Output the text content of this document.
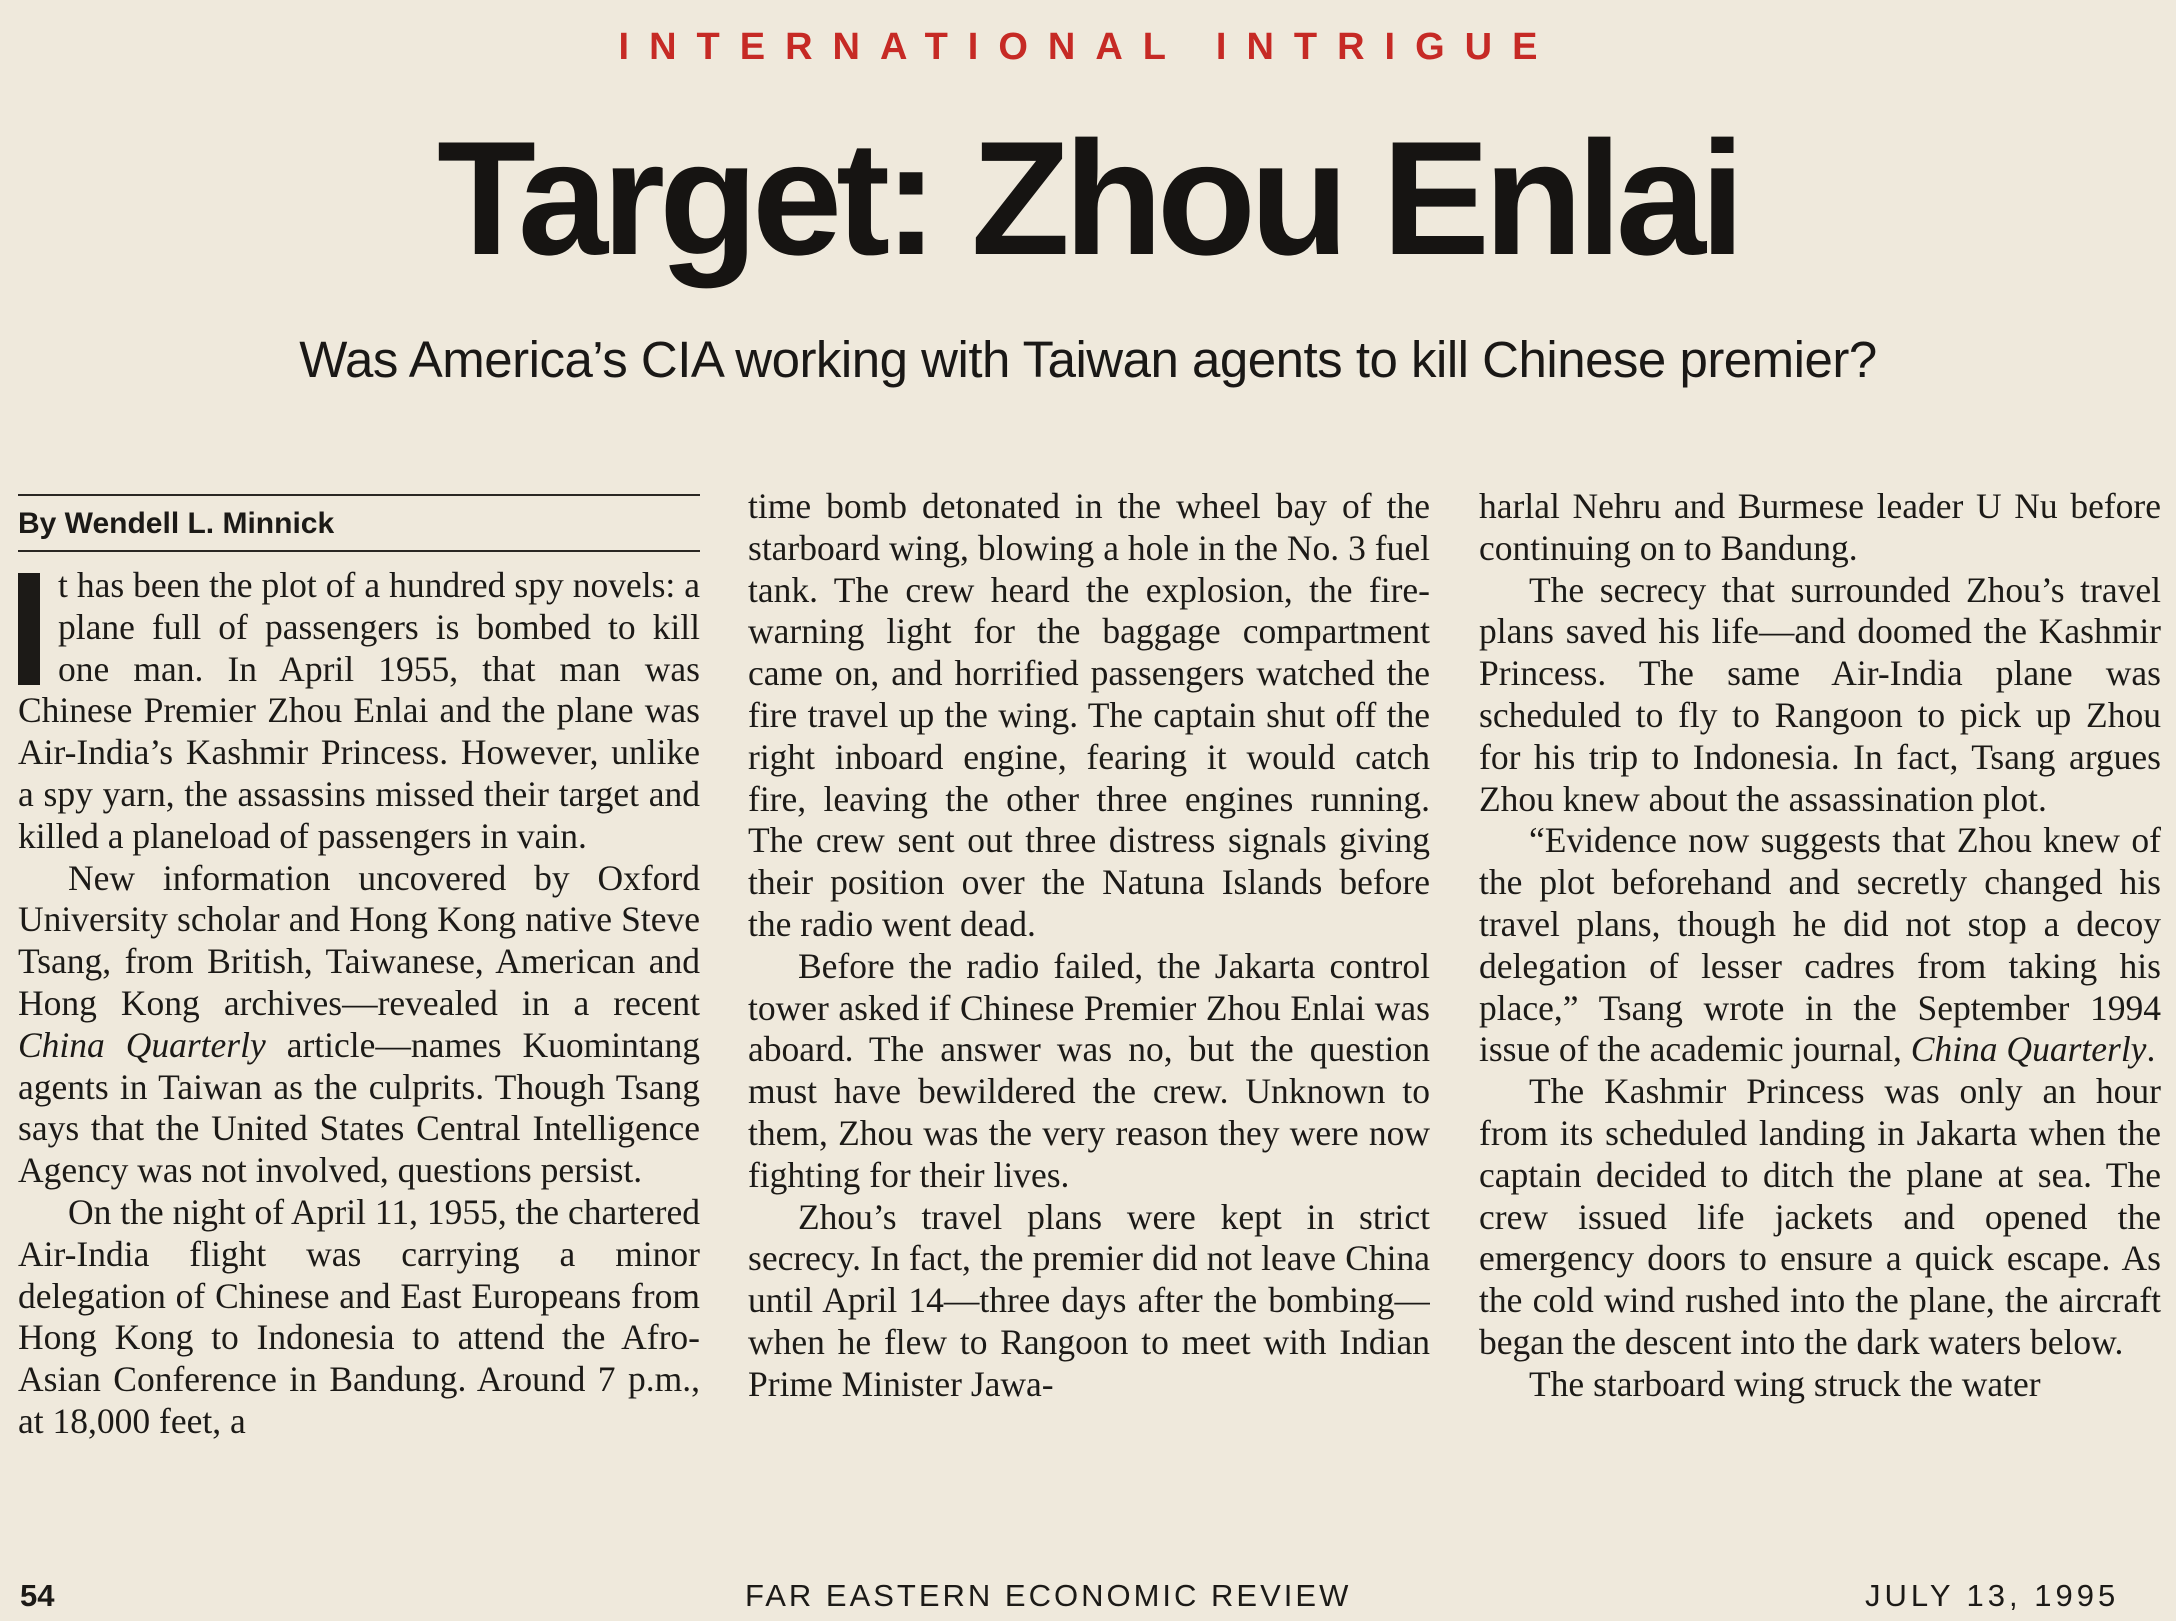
INTERNATIONAL INTRIGUE
Target: Zhou Enlai
Was America’s CIA working with Taiwan agents to kill Chinese premier?
By Wendell L. Minnick

t has been the plot of a hundred spy novels: a plane full of passengers is bombed to kill one man. In April 1955, that man was Chinese Premier Zhou Enlai and the plane was Air-India’s Kashmir Princess. However, unlike a spy yarn, the assassins missed their target and killed a planeload of passengers in vain.

New information uncovered by Oxford University scholar and Hong Kong native Steve Tsang, from British, Taiwanese, American and Hong Kong archives—revealed in a recent China Quarterly article—names Kuomintang agents in Taiwan as the culprits. Though Tsang says that the United States Central Intelligence Agency was not involved, questions persist.

On the night of April 11, 1955, the chartered Air-India flight was carrying a minor delegation of Chinese and East Europeans from Hong Kong to Indonesia to attend the Afro-Asian Conference in Bandung. Around 7 p.m., at 18,000 feet, a

time bomb detonated in the wheel bay of the starboard wing, blowing a hole in the No. 3 fuel tank. The crew heard the explosion, the fire-warning light for the baggage compartment came on, and horrified passengers watched the fire travel up the wing. The captain shut off the right inboard engine, fearing it would catch fire, leaving the other three engines running. The crew sent out three distress signals giving their position over the Natuna Islands before the radio went dead.

Before the radio failed, the Jakarta control tower asked if Chinese Premier Zhou Enlai was aboard. The answer was no, but the question must have bewildered the crew. Unknown to them, Zhou was the very reason they were now fighting for their lives.

Zhou’s travel plans were kept in strict secrecy. In fact, the premier did not leave China until April 14—three days after the bombing—when he flew to Rangoon to meet with Indian Prime Minister Jawa-

harlal Nehru and Burmese leader U Nu before continuing on to Bandung.

The secrecy that surrounded Zhou’s travel plans saved his life—and doomed the Kashmir Princess. The same Air-India plane was scheduled to fly to Rangoon to pick up Zhou for his trip to Indonesia. In fact, Tsang argues Zhou knew about the assassination plot.

“Evidence now suggests that Zhou knew of the plot beforehand and secretly changed his travel plans, though he did not stop a decoy delegation of lesser cadres from taking his place,” Tsang wrote in the September 1994 issue of the academic journal, China Quarterly.

The Kashmir Princess was only an hour from its scheduled landing in Jakarta when the captain decided to ditch the plane at sea. The crew issued life jackets and opened the emergency doors to ensure a quick escape. As the cold wind rushed into the plane, the aircraft began the descent into the dark waters below.

The starboard wing struck the water

54	FAR EASTERN ECONOMIC REVIEW	JULY 13, 1995
